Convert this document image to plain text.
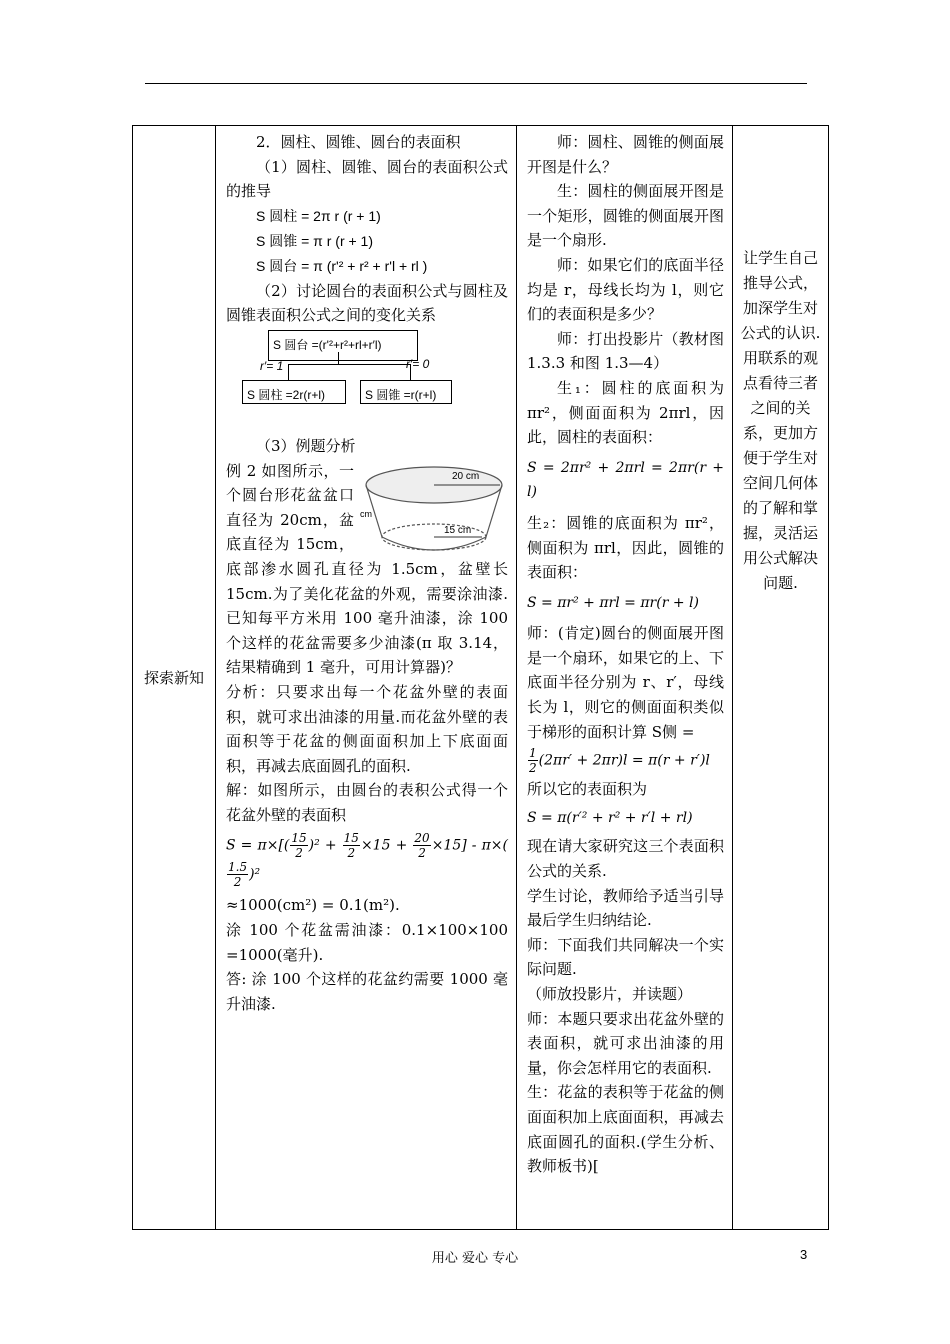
探索新知	

2．圆柱、圆锥、圆台的表面积

（1）圆柱、圆锥、圆台的表面积公式的推导

S 圆柱 = 2π r (r + 1)

S 圆锥 = π r (r + 1)

S 圆台 = π (r'² + r² + r'l + rl )

（2）讨论圆台的表面积公式与圆柱及圆锥表面积公式之间的变化关系

S 圆台 =(r'²+r²+rl+r′l)
r′= 1	r′= 0
S 圆柱 =2r(r+l)	S 圆锥 =r(r+l)

（3）例题分析

20 cm
cm
15 cm

例 2 如图所示，一个圆台形花盆盆口直径为 20cm，盆底直径为 15cm，底部渗水圆孔直径为 1.5cm，盆壁长 15cm.为了美化花盆的外观，需要涂油漆.已知每平方米用 100 毫升油漆，涂 100 个这样的花盆需要多少油漆(π 取 3.14，结果精确到 1 毫升，可用计算器)？

分析：只要求出每一个花盆外壁的表面积，就可求出油漆的用量.而花盆外壁的表面积等于花盆的侧面面积加上下底面面积，再减去底面圆孔的面积.

解：如图所示，由圆台的表积公式得一个花盆外壁的表面积

$S = \pi\times[( \frac{15}{2} )^2 + \frac{15}{2} \times 15 + \frac{20}{2} \times 15] - \pi\times$(
$\frac{1.5}{2} )^2$

≈1000(cm²) = 0.1(m²).

涂 100 个花盆需油漆：0.1×100×100 =1000(毫升).

答: 涂 100 个这样的花盆约需要 1000 毫升油漆.

师：圆柱、圆锥的侧面展开图是什么？

生：圆柱的侧面展开图是一个矩形，圆锥的侧面展开图是一个扇形.

师：如果它们的底面半径均是 r，母线长均为 l，则它们的表面积是多少？

师：打出投影片（教材图 1.3.3 和图 1.3—4）

生₁：圆柱的底面积为 πr²，侧面面积为 2πrl，因此，圆柱的表面积：

S = 2πr² + 2πrl = 2πr(r + l)

生₂：圆锥的底面积为 πr²，侧面积为 πrl，因此，圆锥的表面积：

S = πr² + πrl = πr(r + l)

师：(肯定)圆台的侧面展开图是一个扇环，如果它的上、下底面半径分别为 r、r′，母线长为 l，则它的侧面面积类似于梯形的面积计算 S侧 =

$\frac{1}{2} (2\pi r' + 2\pi r)l = \pi(r + r')l$

所以它的表面积为

S = π(r′² + r² + r′l + rl)

现在请大家研究这三个表面积公式的关系.

学生讨论，教师给予适当引导最后学生归纳结论.

师：下面我们共同解决一个实际问题.

（师放投影片，并读题）

师：本题只要求出花盆外壁的表面积，就可求出油漆的用量，你会怎样用它的表面积.

生：花盆的表积等于花盆的侧面面积加上底面面积，再减去底面圆孔的面积.(学生分析、教师板书)[

让学生自己推导公式，加深学生对公式的认识.

用联系的观点看待三者之间的关系，更加方便于学生对空间几何体的了解和掌握，灵活运用公式解决问题.

用心 爱心 专心	3
